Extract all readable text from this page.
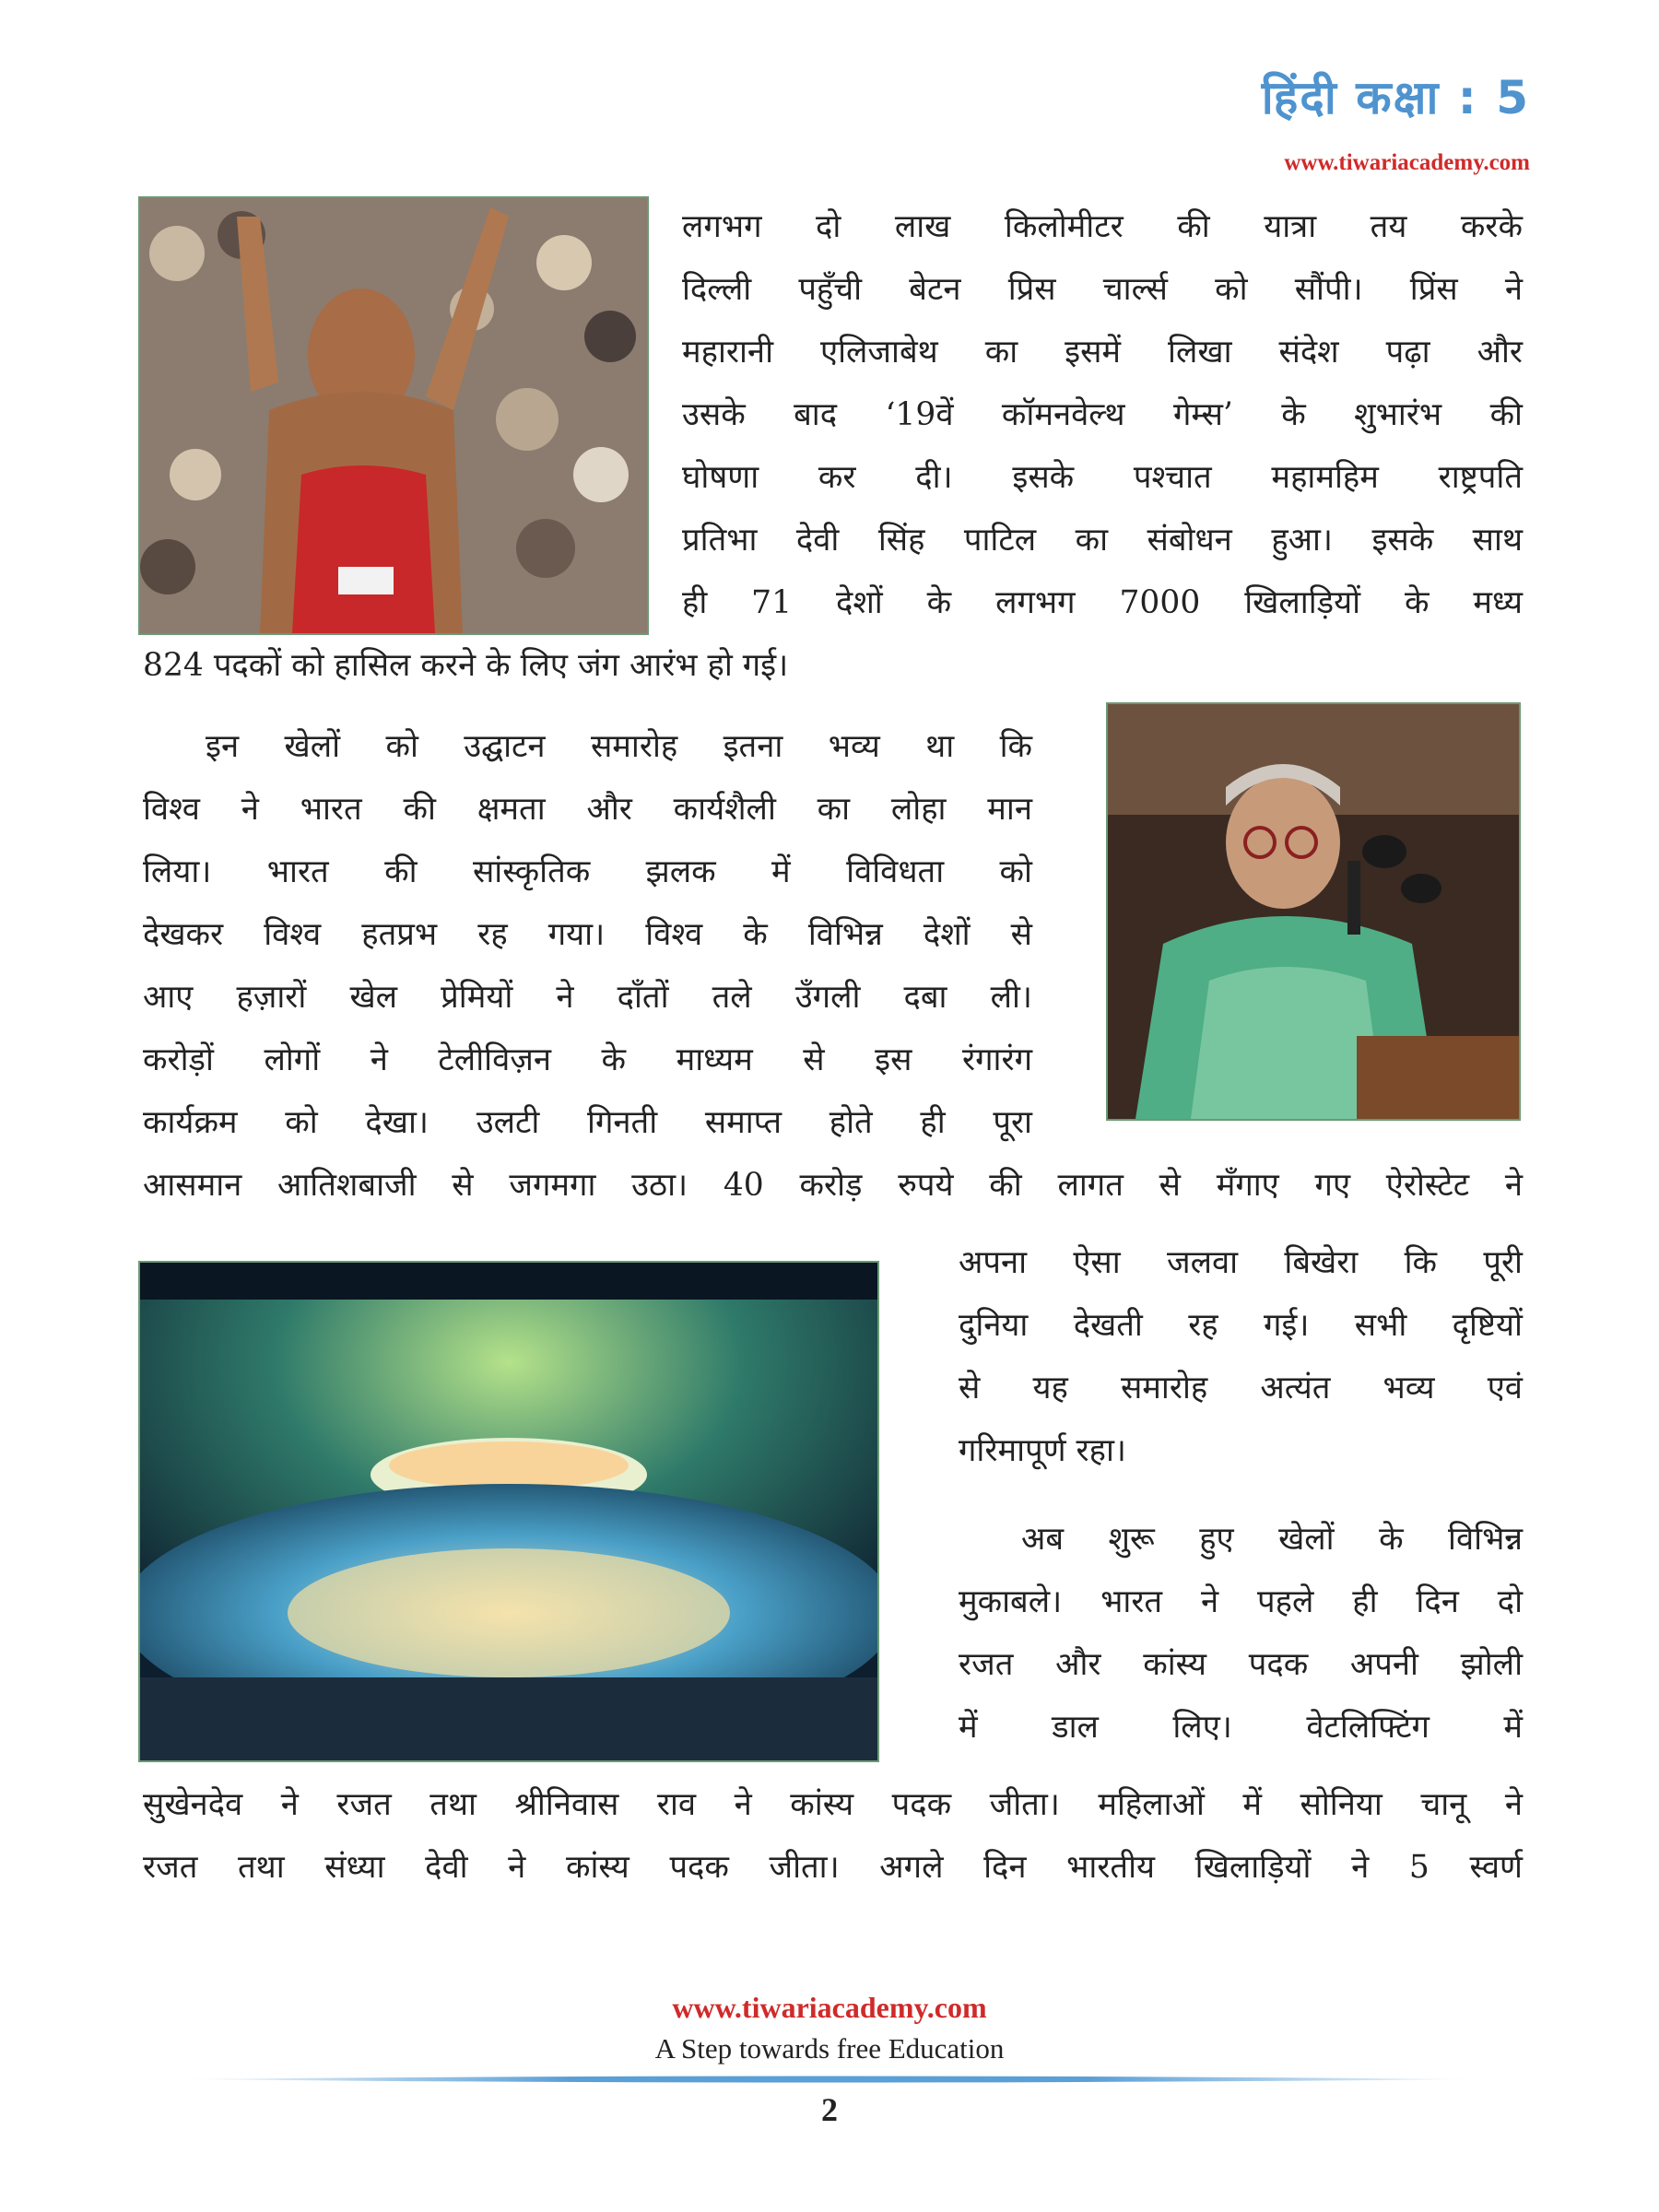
हिंदी कक्षा : 5
www.tiwariacademy.com
लगभग दो लाख किलोमीटर की यात्रा तय करके
दिल्ली पहुँची बेटन प्रिस चार्ल्स को सौंपी। प्रिंस ने
महारानी एलिजाबेथ का इसमें लिखा संदेश पढ़ा और
उसके बाद ‘19वें कॉमनवेल्थ गेम्स’ के शुभारंभ की
घोषणा कर दी। इसके पश्चात महामहिम राष्ट्रपति
प्रतिभा देवी सिंह पाटिल का संबोधन हुआ। इसके साथ
ही 71 देशों के लगभग 7000 खिलाड़ियों के मध्य
824 पदकों को हासिल करने के लिए जंग आरंभ हो गई।
इन खेलों को उद्घाटन समारोह इतना भव्य था कि
विश्व ने भारत की क्षमता और कार्यशैली का लोहा मान
लिया। भारत की सांस्कृतिक झलक में विविधता को
देखकर विश्व हतप्रभ रह गया। विश्व के विभिन्न देशों से
आए हज़ारों खेल प्रेमियों ने दाँतों तले उँगली दबा ली।
करोड़ों लोगों ने टेलीविज़न के माध्यम से इस रंगारंग
कार्यक्रम को देखा। उलटी गिनती समाप्त होते ही पूरा
आसमान आतिशबाजी से जगमगा उठा। 40 करोड़ रुपये की लागत से मँगाए गए ऐरोस्टेट ने
अपना ऐसा जलवा बिखेरा कि पूरी
दुनिया देखती रह गई। सभी दृष्टियों
से यह समारोह अत्यंत भव्य एवं
गरिमापूर्ण रहा।
अब शुरू हुए खेलों के विभिन्न
मुकाबले। भारत ने पहले ही दिन दो
रजत और कांस्य पदक अपनी झोली
में डाल लिए। वेटलिफ्टिंग में
सुखेनदेव ने रजत तथा श्रीनिवास राव ने कांस्य पदक जीता। महिलाओं में सोनिया चानू ने
रजत तथा संध्या देवी ने कांस्य पदक जीता। अगले दिन भारतीय खिलाड़ियों ने 5 स्वर्ण
www.tiwariacademy.com
A Step towards free Education
2
